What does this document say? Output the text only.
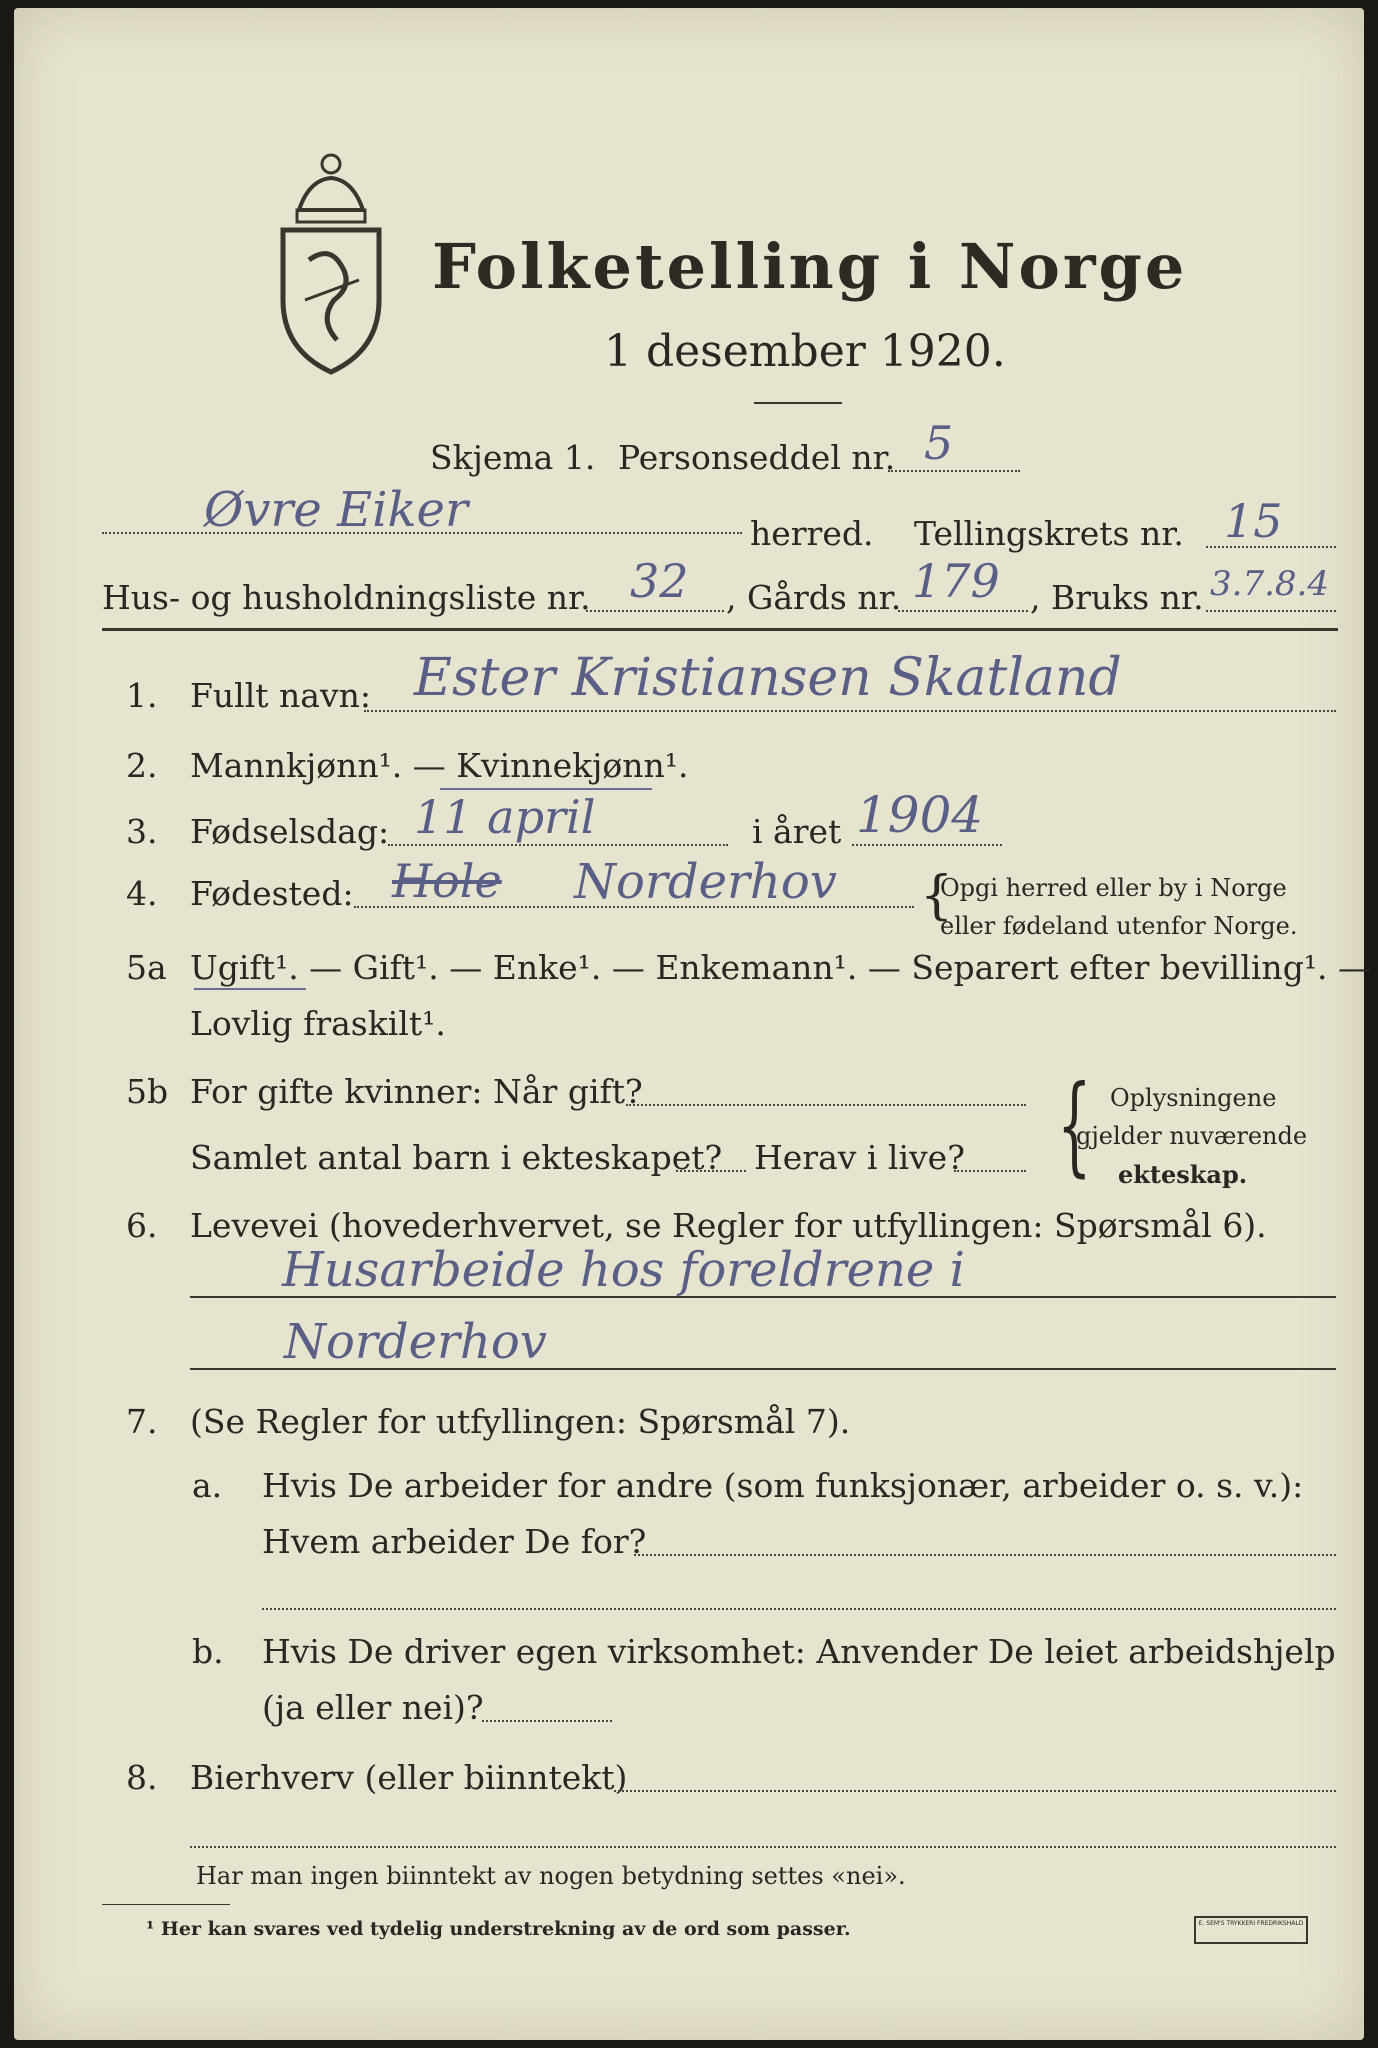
Folketelling i Norge
1 desember 1920.
Skjema 1. Personseddel nr. 5
Øvre Eiker	herred. Tellingskrets nr. 15
Hus- og husholdningsliste nr. 32 , Gårds nr. 179 , Bruks nr. 3.7.8.4
1. Fullt navn: Ester Kristiansen Skatland
2. Mannkjønn¹. — Kvinnekjønn¹.
3. Fødselsdag: 11 april	i året 1904
4. Fødested: Hole Norderhov {
Opgi herred eller by i Norge
eller fødeland utenfor Norge.
5a Ugift¹. — Gift¹. — Enke¹. — Enkemann¹. — Separert efter bevilling¹. —
Lovlig fraskilt¹.
5b For gifte kvinner: Når gift?
Samlet antal barn i ekteskapet? Herav i live? { Oplysningene
gjelder nuværende
ekteskap.
6. Levevei (hovederhvervet, se Regler for utfyllingen: Spørsmål 6).
Husarbeide hos foreldrene i
Norderhov
7. (Se Regler for utfyllingen: Spørsmål 7).
a. Hvis De arbeider for andre (som funksjonær, arbeider o. s. v.):
Hvem arbeider De for?
b. Hvis De driver egen virksomhet: Anvender De leiet arbeidshjelp
(ja eller nei)?
8. Bierhverv (eller biinntekt)
Har man ingen biinntekt av nogen betydning settes «nei».
¹ Her kan svares ved tydelig understrekning av de ord som passer.	E. SEM'S TRYKKERI FREDRIKSHALD
